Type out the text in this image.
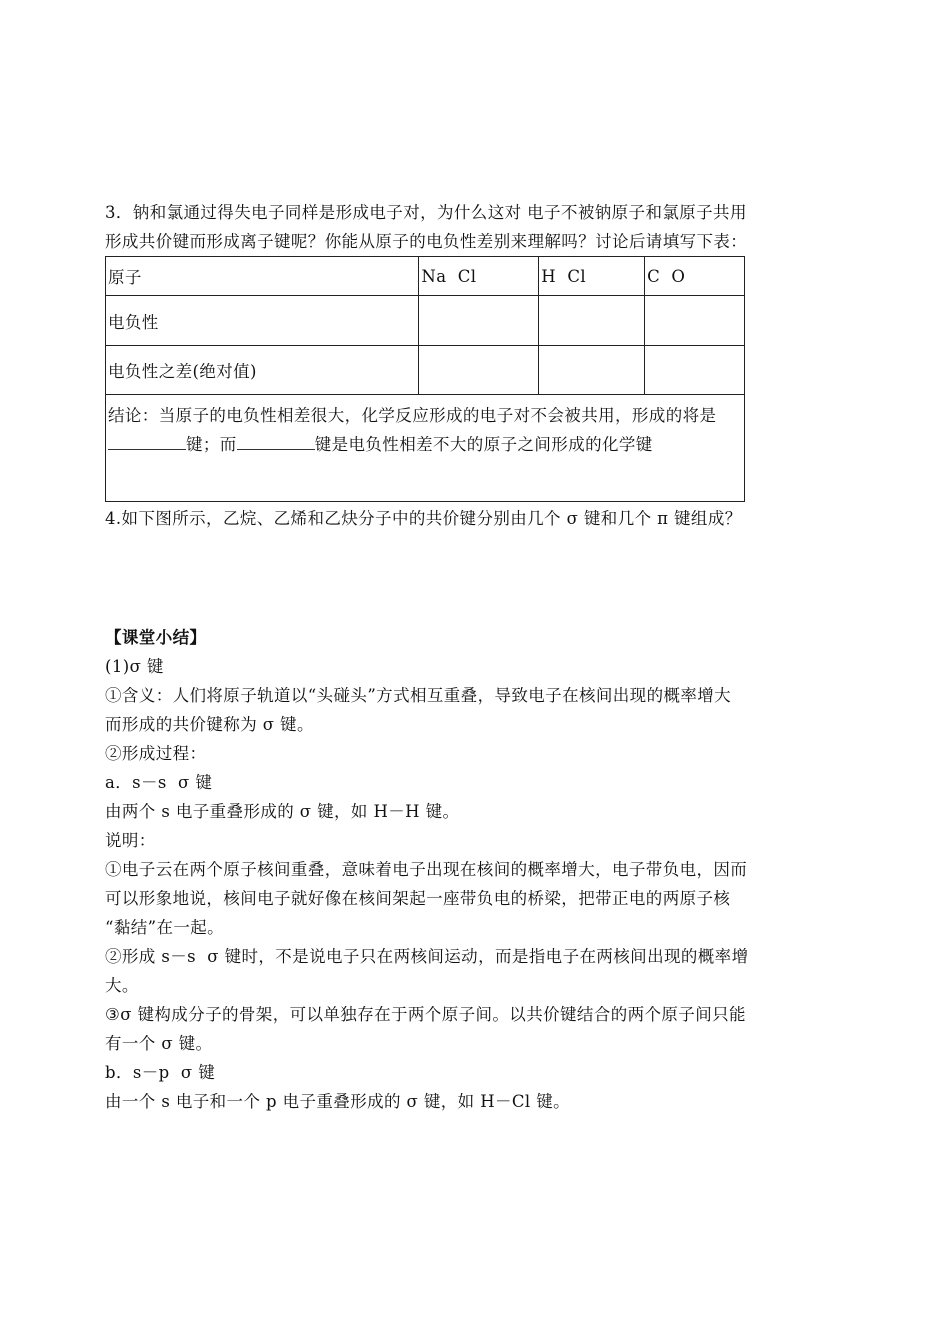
3．钠和氯通过得失电子同样是形成电子对，为什么这对 电子不被钠原子和氯原子共用
形成共价键而形成离子键呢？你能从原子的电负性差别来理解吗？讨论后请填写下表：
原子	Na  Cl	H  Cl	C  O
电负性			
电负性之差(绝对值)			
结论：当原子的电负性相差很大，化学反应形成的电子对不会被共用，形成的将是键；而 键是电负性相差不大的原子之间形成的化学键			
4.如下图所示，乙烷、乙烯和乙炔分子中的共价键分别由几个 σ 键和几个 π 键组成？
【课堂小结】
(1)σ 键
①含义：人们将原子轨道以“头碰头”方式相互重叠，导致电子在核间出现的概率增大
而形成的共价键称为 σ 键。
②形成过程：
a．s－s  σ 键
由两个 s 电子重叠形成的 σ 键，如 H－H 键。
说明：
①电子云在两个原子核间重叠，意味着电子出现在核间的概率增大，电子带负电，因而
可以形象地说，核间电子就好像在核间架起一座带负电的桥梁，把带正电的两原子核
“黏结”在一起。
②形成 s－s  σ 键时，不是说电子只在两核间运动，而是指电子在两核间出现的概率增
大。
③σ 键构成分子的骨架，可以单独存在于两个原子间。以共价键结合的两个原子间只能
有一个 σ 键。
b．s－p  σ 键
由一个 s 电子和一个 p 电子重叠形成的 σ 键，如 H－Cl 键。
